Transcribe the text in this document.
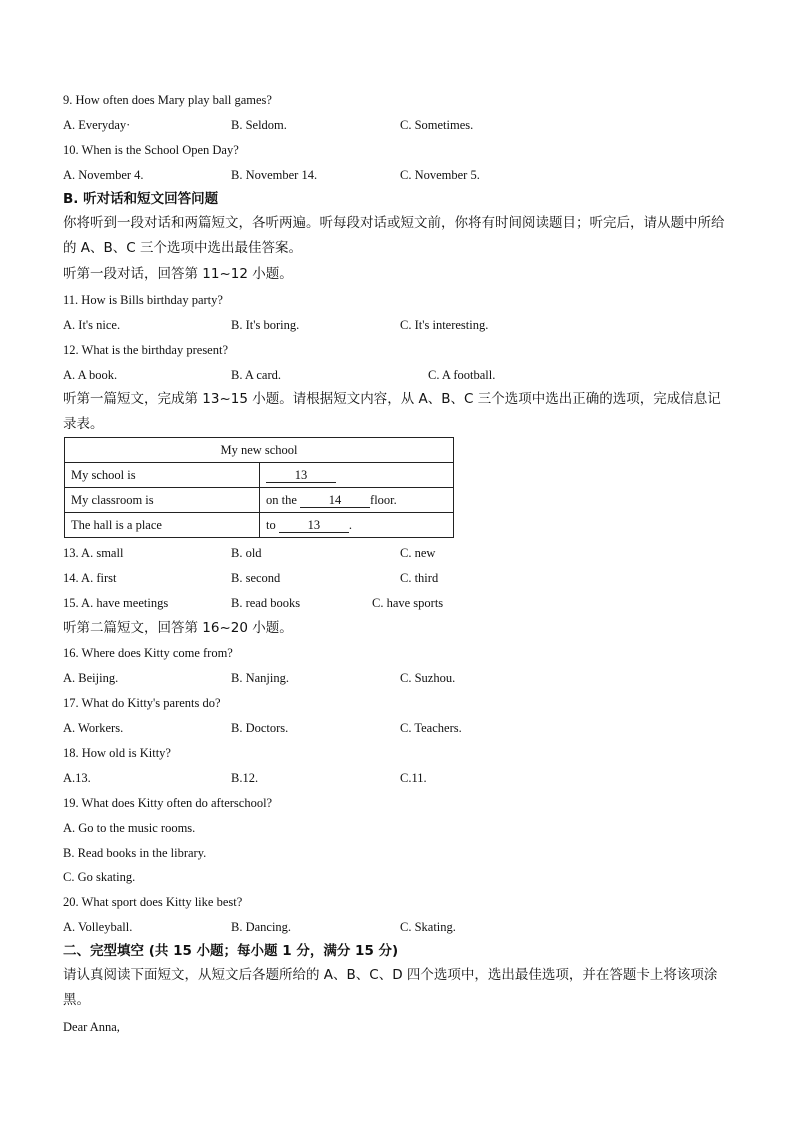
9. How often does Mary play ball games?
A. Everyday·	B. Seldom.	C. Sometimes.
10. When is the School Open Day?
A. November 4.	B. November 14.	C. November 5.
B. 听对话和短文回答问题
你将听到一段对话和两篇短文，各听两遍。听每段对话或短文前，你将有时间阅读题目；听完后，请从题中所给的 A、B、C 三个选项中选出最佳答案。
听第一段对话，回答第 11~12 小题。
11. How is Bills birthday party?
A. It's nice.	B. It's boring.	C. It's interesting.
12. What is the birthday present?
A. A book.	B. A card.	C. A football.
听第一篇短文，完成第 13~15 小题。请根据短文内容，从 A、B、C 三个选项中选出正确的选项，完成信息记录表。
My new school	
My school is	13
My classroom is	on the 14 floor.
The hall is a place	to 13 .
13. A. small	B. old	C. new
14. A. first	B. second	C. third
15. A. have meetings	B. read books	C. have sports
听第二篇短文，回答第 16~20 小题。
16. Where does Kitty come from?
A. Beijing.	B. Nanjing.	C. Suzhou.
17. What do Kitty's parents do?
A. Workers.	B. Doctors.	C. Teachers.
18. How old is Kitty?
A.13.	B.12.	C.11.
19. What does Kitty often do afterschool?
A. Go to the music rooms.
B. Read books in the library.
C. Go skating.
20. What sport does Kitty like best?
A. Volleyball.	B. Dancing.	C. Skating.
二、完型填空 (共 15 小题；每小题 1 分，满分 15 分)
请认真阅读下面短文，从短文后各题所给的 A、B、C、D 四个选项中，选出最佳选项，并在答题卡上将该项涂黑。
Dear Anna,
